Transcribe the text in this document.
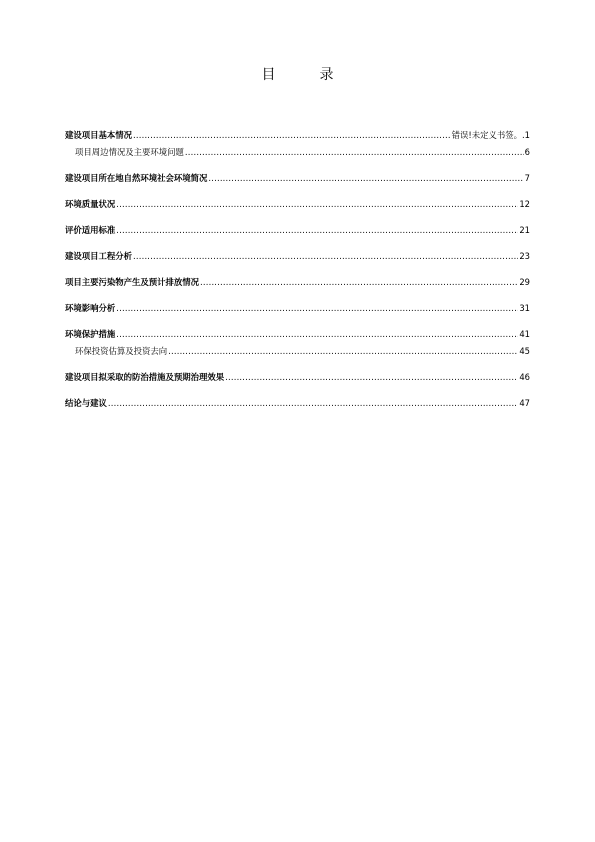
目	录
建设项目基本情况 .....	错误!未定义书签。.1
项目周边情况及主要环境问题 .....	6
建设项目所在地自然环境社会环境简况 .....	7
环境质量状况 .....	12
评价适用标准 .....	21
建设项目工程分析 .....	23
项目主要污染物产生及预计排放情况 .....	29
环境影响分析 .....	31
环境保护措施 .....	41
环保投资估算及投资去向 .....	45
建设项目拟采取的防治措施及预期治理效果 .....	46
结论与建议 .....	47
